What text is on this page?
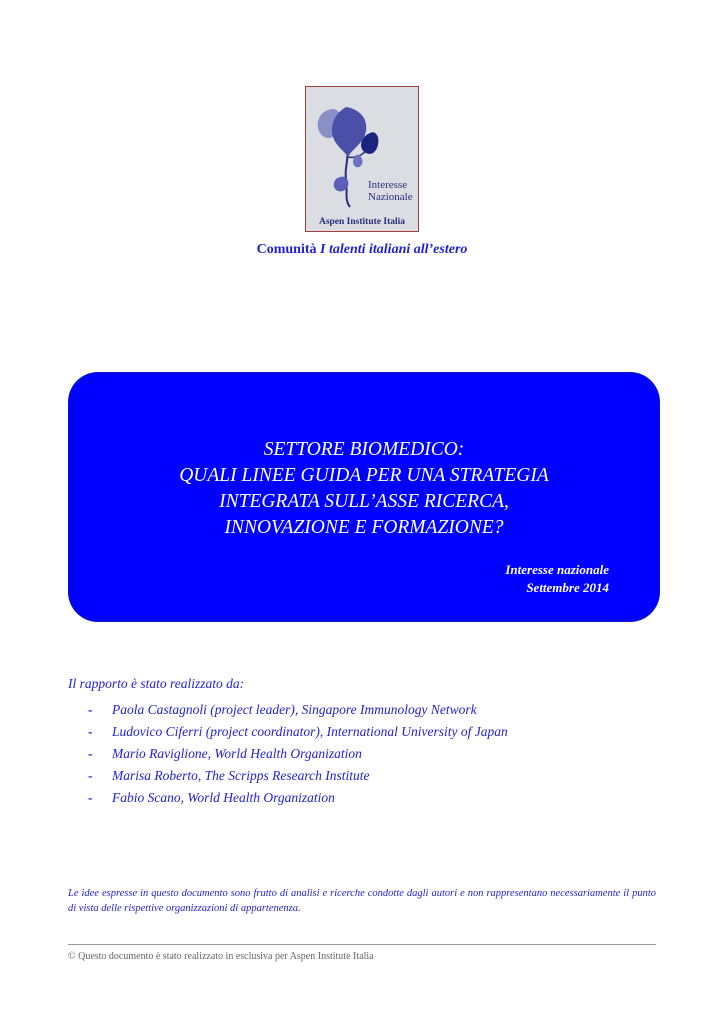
Interesse
Nazionale
Aspen Institute Italia
Comunità I talenti italiani all’estero
SETTORE BIOMEDICO:
QUALI LINEE GUIDA PER UNA STRATEGIA
INTEGRATA SULL’ASSE RICERCA,
INNOVAZIONE E FORMAZIONE?
Interesse nazionale
Settembre 2014
Il rapporto è stato realizzato da:
- Paola Castagnoli (project leader), Singapore Immunology Network
- Ludovico Ciferri (project coordinator), International University of Japan
- Mario Raviglione, World Health Organization
- Marisa Roberto, The Scripps Research Institute
- Fabio Scano, World Health Organization
Le idee espresse in questo documento sono frutto di analisi e ricerche condotte dagli autori e non rappresentano necessariamente il punto di vista delle rispettive organizzazioni di appartenenza.
© Questo documento è stato realizzato in esclusiva per Aspen Institute Italia
